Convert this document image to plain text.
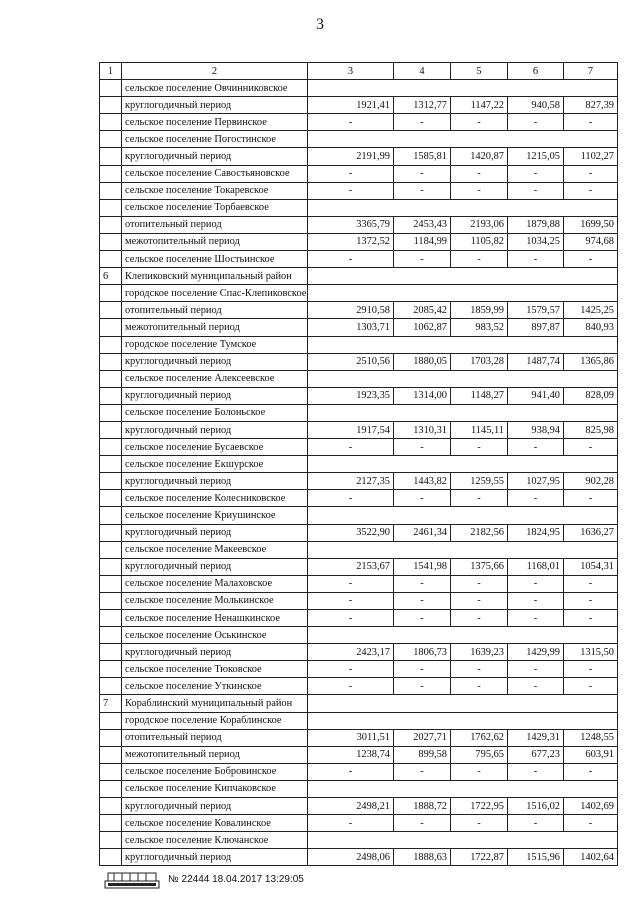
3
1	2	3	4	5	6	7
	сельское поселение Овчинниковское					
	круглогодичный период	1921,41	1312,77	1147,22	940,58	827,39
	сельское поселение Первинское	-	-	-	-	-
	сельское поселение Погостинское					
	круглогодичный период	2191,99	1585,81	1420,87	1215,05	1102,27
	сельское поселение Савостьяновское	-	-	-	-	-
	сельское поселение Токаревское	-	-	-	-	-
	сельское поселение Торбаевское					
	отопительный период	3365,79	2453,43	2193,06	1879,88	1699,50
	межотопительный период	1372,52	1184,99	1105,82	1034,25	974,68
	сельское поселение Шостьинское	-	-	-	-	-
6	Клепиковский муниципальный район					
	городское поселение Спас-Клепиковское					
	отопительный период	2910,58	2085,42	1859,99	1579,57	1425,25
	межотопительный период	1303,71	1062,87	983,52	897,87	840,93
	городское поселение Тумское					
	круглогодичный период	2510,56	1880,05	1703,28	1487,74	1365,86
	сельское поселение Алексеевское					
	круглогодичный период	1923,35	1314,00	1148,27	941,40	828,09
	сельское поселение Болоньское					
	круглогодичный период	1917,54	1310,31	1145,11	938,94	825,98
	сельское поселение Бусаевское	-	-	-	-	-
	сельское поселение Екшурское					
	круглогодичный период	2127,35	1443,82	1259,55	1027,95	902,28
	сельское поселение Колесниковское	-	-	-	-	-
	сельское поселение Криушинское					
	круглогодичный период	3522,90	2461,34	2182,56	1824,95	1636,27
	сельское поселение Макеевское					
	круглогодичный период	2153,67	1541,98	1375,66	1168,01	1054,31
	сельское поселение Малаховское	-	-	-	-	-
	сельское поселение Молькинское	-	-	-	-	-
	сельское поселение Ненашкинское	-	-	-	-	-
	сельское поселение Оськинское					
	круглогодичный период	2423,17	1806,73	1639,23	1429,99	1315,50
	сельское поселение Тюковское	-	-	-	-	-
	сельское поселение Уткинское	-	-	-	-	-
7	Кораблинский муниципальный район					
	городское поселение Кораблинское					
	отопительный период	3011,51	2027,71	1762,62	1429,31	1248,55
	межотопительный период	1238,74	899,58	795,65	677,23	603,91
	сельское поселение Бобровинское	-	-	-	-	-
	сельское поселение Кипчаковское					
	круглогодичный период	2498,21	1888,72	1722,95	1516,02	1402,69
	сельское поселение Ковалинское	-	-	-	-	-
	сельское поселение Ключанское					
	круглогодичный период	2498,06	1888,63	1722,87	1515,96	1402,64
№ 22444 18.04.2017 13:29:05
